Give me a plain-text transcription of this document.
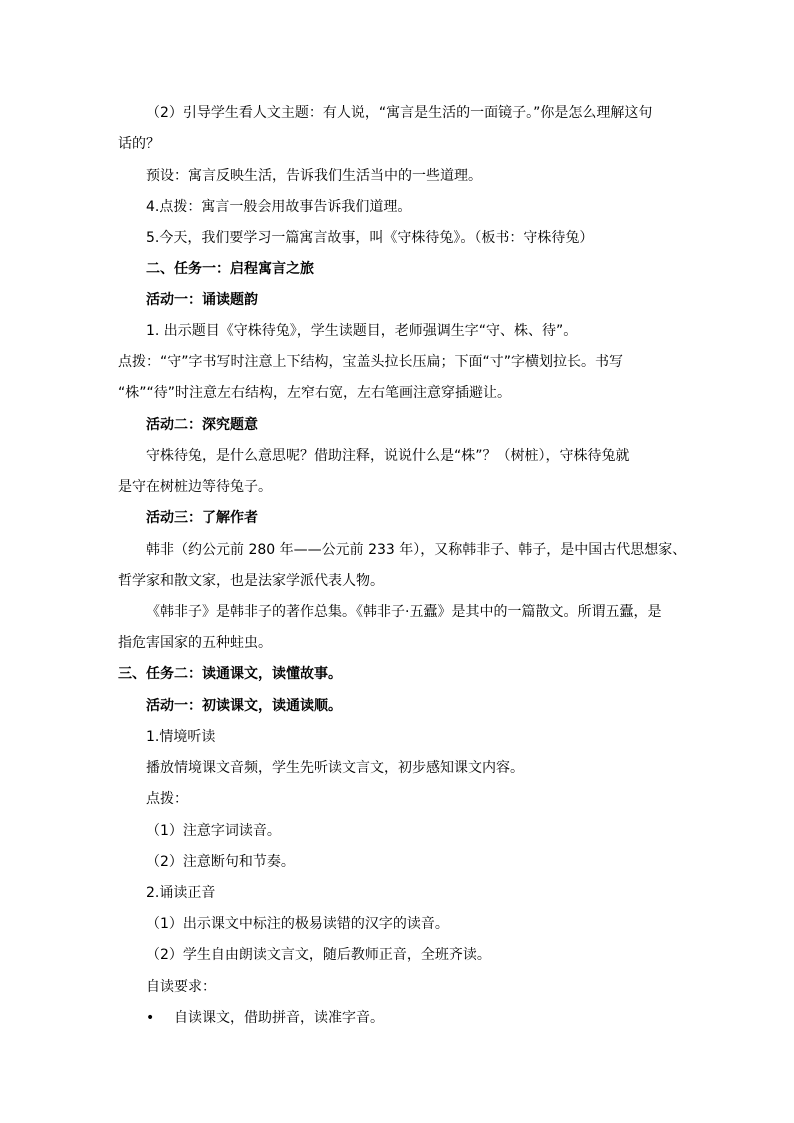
（2）引导学生看人文主题：有人说，“寓言是生活的一面镜子。”你是怎么理解这句
话的？
预设：寓言反映生活，告诉我们生活当中的一些道理。
4.点拨：寓言一般会用故事告诉我们道理。
5.今天，我们要学习一篇寓言故事，叫《守株待兔》。（板书：守株待兔）
二、任务一：启程寓言之旅
活动一：诵读题韵
1. 出示题目《守株待兔》，学生读题目，老师强调生字“守、株、待”。
点拨：“守”字书写时注意上下结构，宝盖头拉长压扁；下面“寸”字横划拉长。书写
“株”“待”时注意左右结构，左窄右宽，左右笔画注意穿插避让。
活动二：深究题意
守株待兔，是什么意思呢？借助注释，说说什么是“株”？（树桩），守株待兔就
是守在树桩边等待兔子。
活动三：了解作者
韩非（约公元前 280 年——公元前 233 年），又称韩非子、韩子，是中国古代思想家、
哲学家和散文家，也是法家学派代表人物。
《韩非子》是韩非子的著作总集。《韩非子·五蠹》是其中的一篇散文。所谓五蠹，是
指危害国家的五种蛀虫。
三、任务二：读通课文，读懂故事。
活动一：初读课文，读通读顺。
1.情境听读
播放情境课文音频，学生先听读文言文，初步感知课文内容。
点拨：
（1）注意字词读音。
（2）注意断句和节奏。
2.诵读正音
（1）出示课文中标注的极易读错的汉字的读音。
（2）学生自由朗读文言文，随后教师正音，全班齐读。
自读要求：
• 自读课文，借助拼音，读准字音。
